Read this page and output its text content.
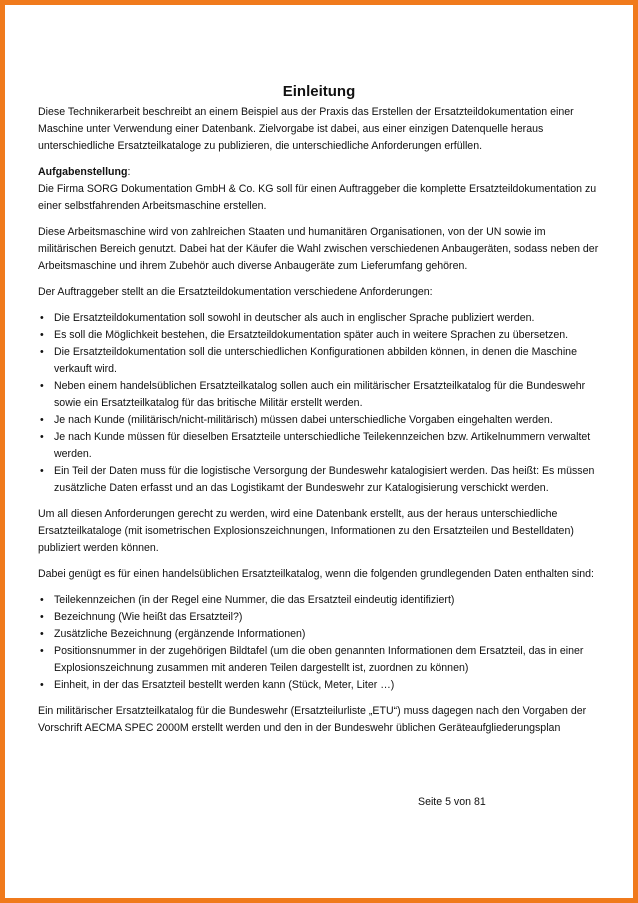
Einleitung

Diese Technikerarbeit beschreibt an einem Beispiel aus der Praxis das Erstellen der Ersatzteildokumentation einer Maschine unter Verwendung einer Datenbank. Zielvorgabe ist dabei, aus einer einzigen Datenquelle heraus unterschiedliche Ersatzteilkataloge zu publizieren, die unterschiedliche Anforderungen erfüllen.

Aufgabenstellung:
Die Firma SORG Dokumentation GmbH & Co. KG soll für einen Auftraggeber die komplette Ersatzteildokumentation zu einer selbstfahrenden Arbeitsmaschine erstellen.

Diese Arbeitsmaschine wird von zahlreichen Staaten und humanitären Organisationen, von der UN sowie im militärischen Bereich genutzt. Dabei hat der Käufer die Wahl zwischen verschiedenen Anbaugeräten, sodass neben der Arbeitsmaschine und ihrem Zubehör auch diverse Anbaugeräte zum Lieferumfang gehören.

Der Auftraggeber stellt an die Ersatzteildokumentation verschiedene Anforderungen:

• Die Ersatzteildokumentation soll sowohl in deutscher als auch in englischer Sprache publiziert werden.
• Es soll die Möglichkeit bestehen, die Ersatzteildokumentation später auch in weitere Sprachen zu übersetzen.
• Die Ersatzteildokumentation soll die unterschiedlichen Konfigurationen abbilden können, in denen die Maschine verkauft wird.
• Neben einem handelsüblichen Ersatzteilkatalog sollen auch ein militärischer Ersatzteilkatalog für die Bundeswehr sowie ein Ersatzteilkatalog für das britische Militär erstellt werden.
• Je nach Kunde (militärisch/nicht-militärisch) müssen dabei unterschiedliche Vorgaben eingehalten werden.
• Je nach Kunde müssen für dieselben Ersatzteile unterschiedliche Teilekennzeichen bzw. Artikelnummern verwaltet werden.
• Ein Teil der Daten muss für die logistische Versorgung der Bundeswehr katalogisiert werden. Das heißt: Es müssen zusätzliche Daten erfasst und an das Logistikamt der Bundeswehr zur Katalogisierung verschickt werden.

Um all diesen Anforderungen gerecht zu werden, wird eine Datenbank erstellt, aus der heraus unterschiedliche Ersatzteilkataloge (mit isometrischen Explosionszeichnungen, Informationen zu den Ersatzteilen und Bestelldaten) publiziert werden können.

Dabei genügt es für einen handelsüblichen Ersatzteilkatalog, wenn die folgenden grundlegenden Daten enthalten sind:

• Teilekennzeichen (in der Regel eine Nummer, die das Ersatzteil eindeutig identifiziert)
• Bezeichnung (Wie heißt das Ersatzteil?)
• Zusätzliche Bezeichnung (ergänzende Informationen)
• Positionsnummer in der zugehörigen Bildtafel (um die oben genannten Informationen dem Ersatzteil, das in einer Explosionszeichnung zusammen mit anderen Teilen dargestellt ist, zuordnen zu können)
• Einheit, in der das Ersatzteil bestellt werden kann (Stück, Meter, Liter …)

Ein militärischer Ersatzteilkatalog für die Bundeswehr (Ersatzteilurliste „ETU“) muss dagegen nach den Vorgaben der Vorschrift AECMA SPEC 2000M erstellt werden und den in der Bundeswehr üblichen Geräteaufgliederungsplan

Seite 5 von 81
